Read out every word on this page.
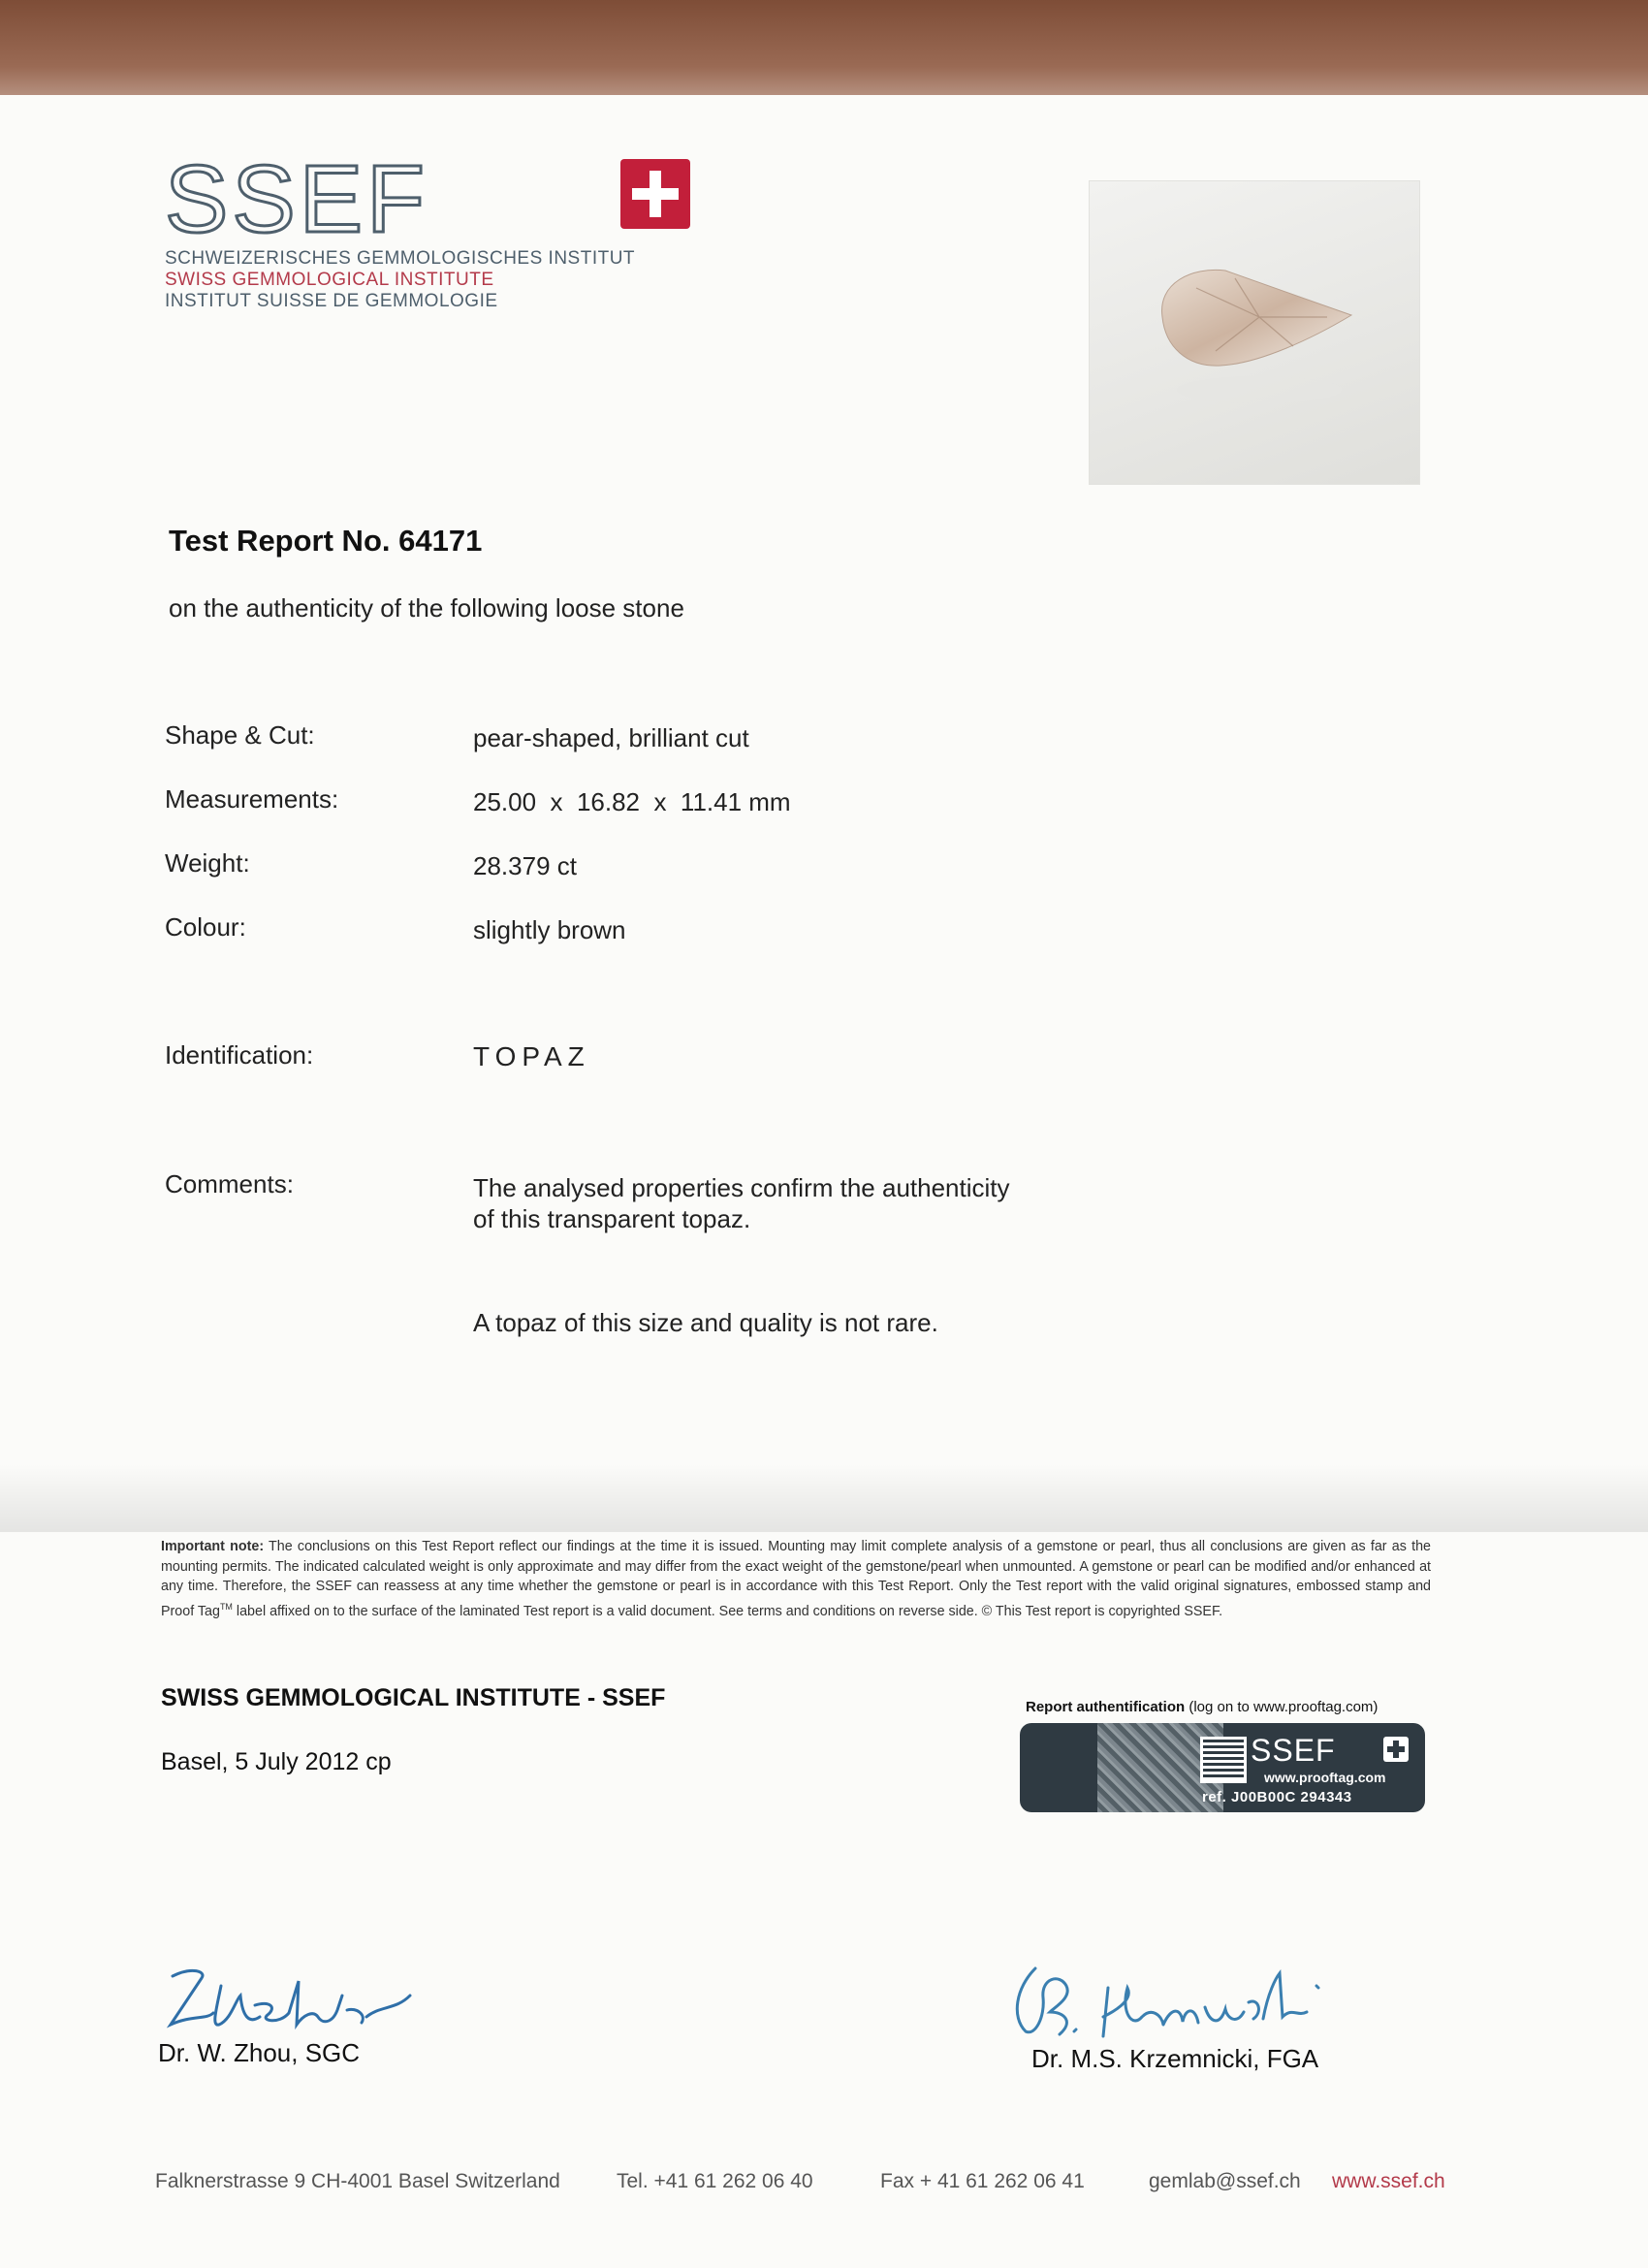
SSEF
SCHWEIZERISCHES GEMMOLOGISCHES INSTITUT
SWISS GEMMOLOGICAL INSTITUTE
INSTITUT SUISSE DE GEMMOLOGIE
Test Report No. 64171
on the authenticity of the following loose stone
Shape & Cut:	pear-shaped, brilliant cut
Measurements:	25.00  x  16.82  x  11.41 mm
Weight:	28.379 ct
Colour:	slightly brown
Identification:	TOPAZ
Comments:	The analysed properties confirm the authenticity
of this transparent topaz.
A topaz of this size and quality is not rare.
Important note: The conclusions on this Test Report reflect our findings at the time it is issued. Mounting may limit complete analysis of a gemstone or pearl, thus all conclusions are given as far as the mounting permits. The indicated calculated weight is only approximate and may differ from the exact weight of the gemstone/pearl when unmounted. A gemstone or pearl can be modified and/or enhanced at any time. Therefore, the SSEF can reassess at any time whether the gemstone or pearl is in accordance with this Test Report. Only the Test report with the valid original signatures, embossed stamp and Proof Tag™ label affixed on to the surface of the laminated Test report is a valid document. See terms and conditions on reverse side. © This Test report is copyrighted SSEF.
SWISS GEMMOLOGICAL INSTITUTE - SSEF
Basel, 5 July 2012 cp
Report authentification (log on to www.prooftag.com)
SSEF
www.prooftag.com
ref. J00B00C 294343
Dr. W. Zhou, SGC	Dr. M.S. Krzemnicki, FGA
Falknerstrasse 9 CH-4001 Basel Switzerland	Tel. +41 61 262 06 40	Fax + 41 61 262 06 41	gemlab@ssef.ch www.ssef.ch
